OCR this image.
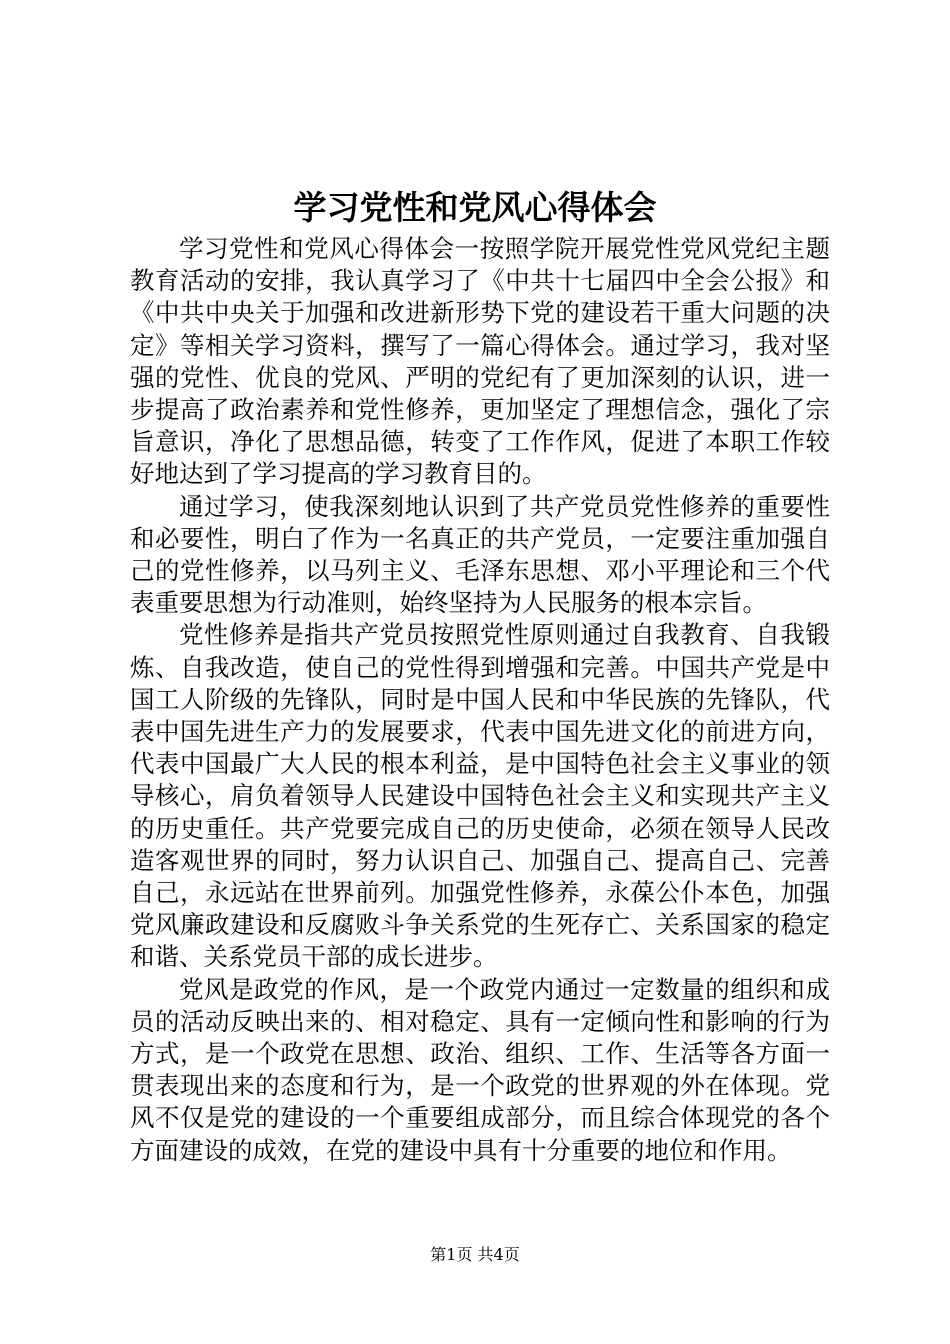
学习党性和党风心得体会

学习党性和党风心得体会一按照学院开展党性党风党纪主题教育活动的安排，我认真学习了《中共十七届四中全会公报》和《中共中央关于加强和改进新形势下党的建设若干重大问题的决定》等相关学习资料，撰写了一篇心得体会。通过学习，我对坚强的党性、优良的党风、严明的党纪有了更加深刻的认识，进一步提高了政治素养和党性修养，更加坚定了理想信念，强化了宗旨意识，净化了思想品德，转变了工作作风，促进了本职工作较好地达到了学习提高的学习教育目的。

通过学习，使我深刻地认识到了共产党员党性修养的重要性和必要性，明白了作为一名真正的共产党员，一定要注重加强自己的党性修养，以马列主义、毛泽东思想、邓小平理论和三个代表重要思想为行动准则，始终坚持为人民服务的根本宗旨。

党性修养是指共产党员按照党性原则通过自我教育、自我锻炼、自我改造，使自己的党性得到增强和完善。中国共产党是中国工人阶级的先锋队，同时是中国人民和中华民族的先锋队，代表中国先进生产力的发展要求，代表中国先进文化的前进方向，代表中国最广大人民的根本利益，是中国特色社会主义事业的领导核心，肩负着领导人民建设中国特色社会主义和实现共产主义的历史重任。共产党要完成自己的历史使命，必须在领导人民改造客观世界的同时，努力认识自己、加强自己、提高自己、完善自己，永远站在世界前列。加强党性修养，永葆公仆本色，加强党风廉政建设和反腐败斗争关系党的生死存亡、关系国家的稳定和谐、关系党员干部的成长进步。

党风是政党的作风，是一个政党内通过一定数量的组织和成员的活动反映出来的、相对稳定、具有一定倾向性和影响的行为方式，是一个政党在思想、政治、组织、工作、生活等各方面一贯表现出来的态度和行为，是一个政党的世界观的外在体现。党风不仅是党的建设的一个重要组成部分，而且综合体现党的各个方面建设的成效，在党的建设中具有十分重要的地位和作用。

第1页 共4页
